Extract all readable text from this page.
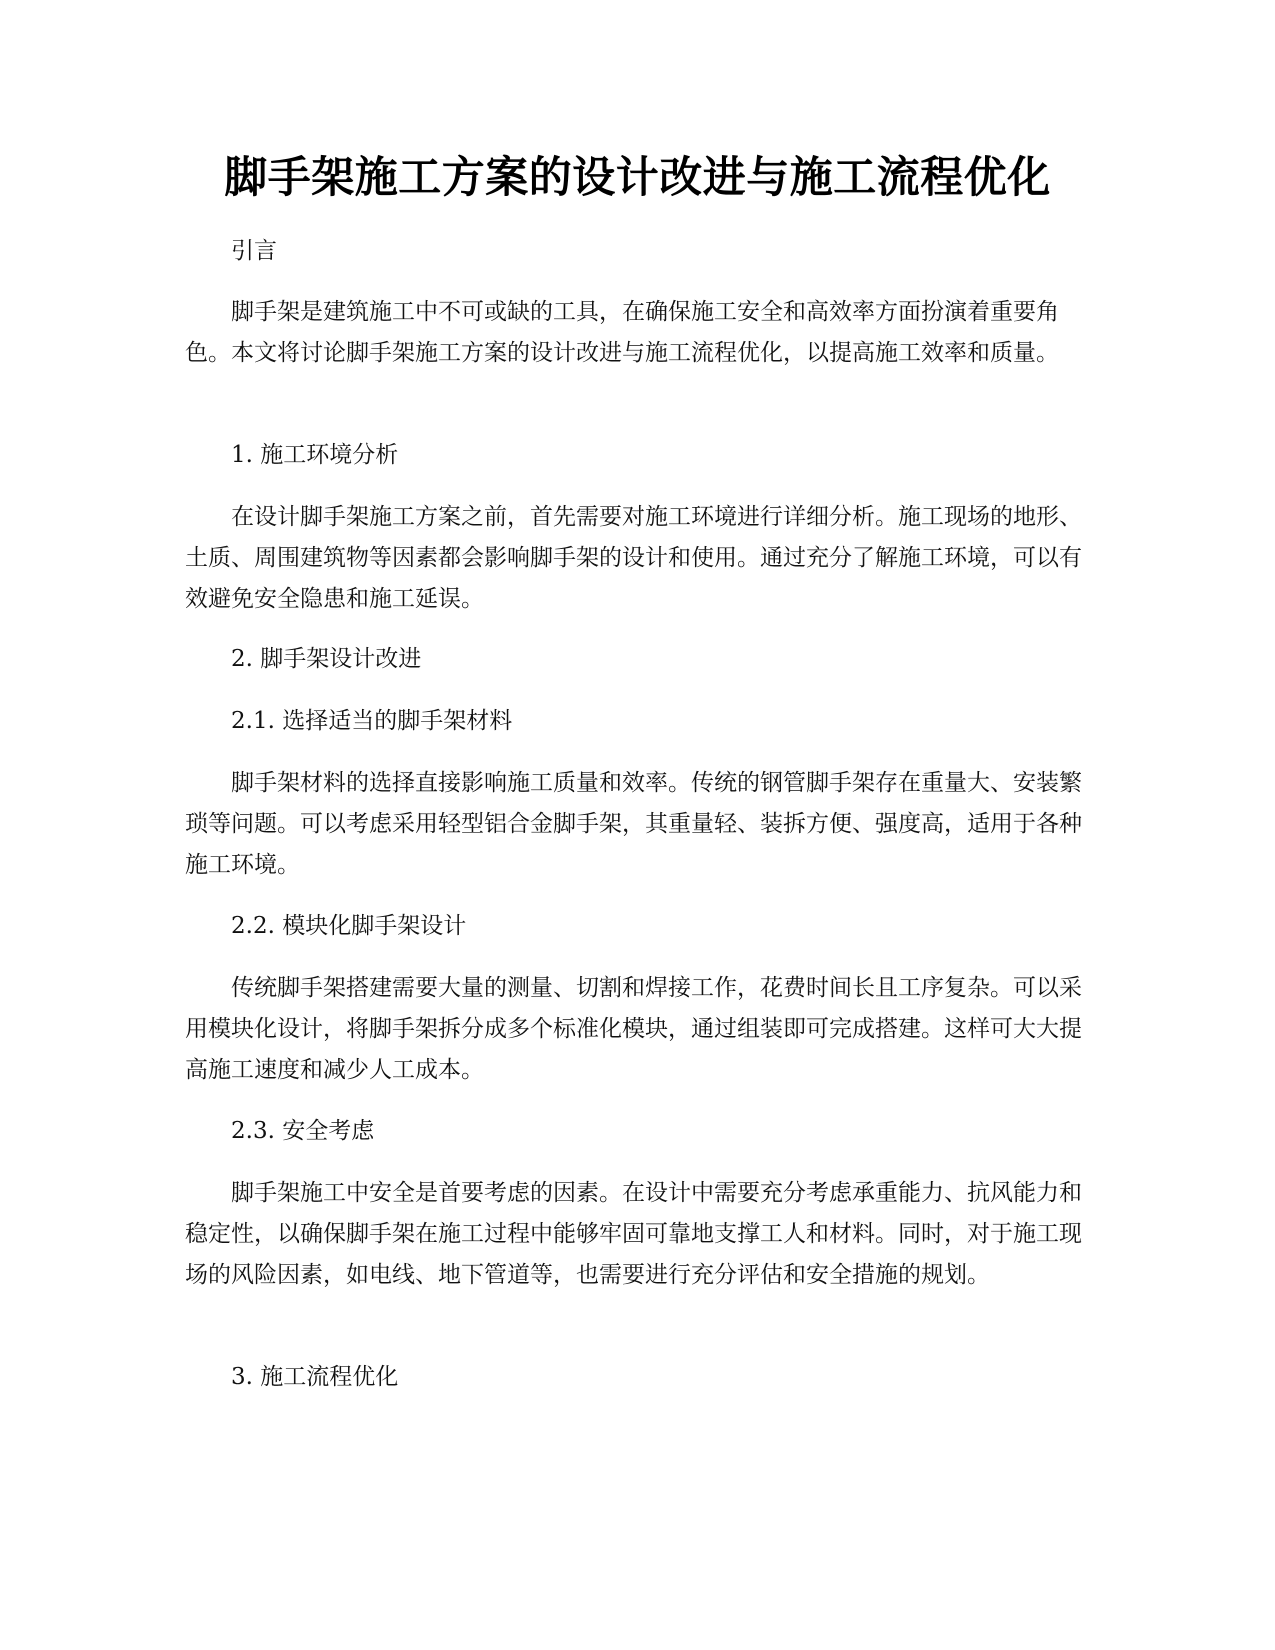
脚手架施工方案的设计改进与施工流程优化

引言

脚手架是建筑施工中不可或缺的工具，在确保施工安全和高效率方面扮演着重要角色。本文将讨论脚手架施工方案的设计改进与施工流程优化，以提高施工效率和质量。

1. 施工环境分析

在设计脚手架施工方案之前，首先需要对施工环境进行详细分析。施工现场的地形、土质、周围建筑物等因素都会影响脚手架的设计和使用。通过充分了解施工环境，可以有效避免安全隐患和施工延误。

2. 脚手架设计改进

2.1. 选择适当的脚手架材料

脚手架材料的选择直接影响施工质量和效率。传统的钢管脚手架存在重量大、安装繁琐等问题。可以考虑采用轻型铝合金脚手架，其重量轻、装拆方便、强度高，适用于各种施工环境。

2.2. 模块化脚手架设计

传统脚手架搭建需要大量的测量、切割和焊接工作，花费时间长且工序复杂。可以采用模块化设计，将脚手架拆分成多个标准化模块，通过组装即可完成搭建。这样可大大提高施工速度和减少人工成本。

2.3. 安全考虑

脚手架施工中安全是首要考虑的因素。在设计中需要充分考虑承重能力、抗风能力和稳定性，以确保脚手架在施工过程中能够牢固可靠地支撑工人和材料。同时，对于施工现场的风险因素，如电线、地下管道等，也需要进行充分评估和安全措施的规划。

3. 施工流程优化
